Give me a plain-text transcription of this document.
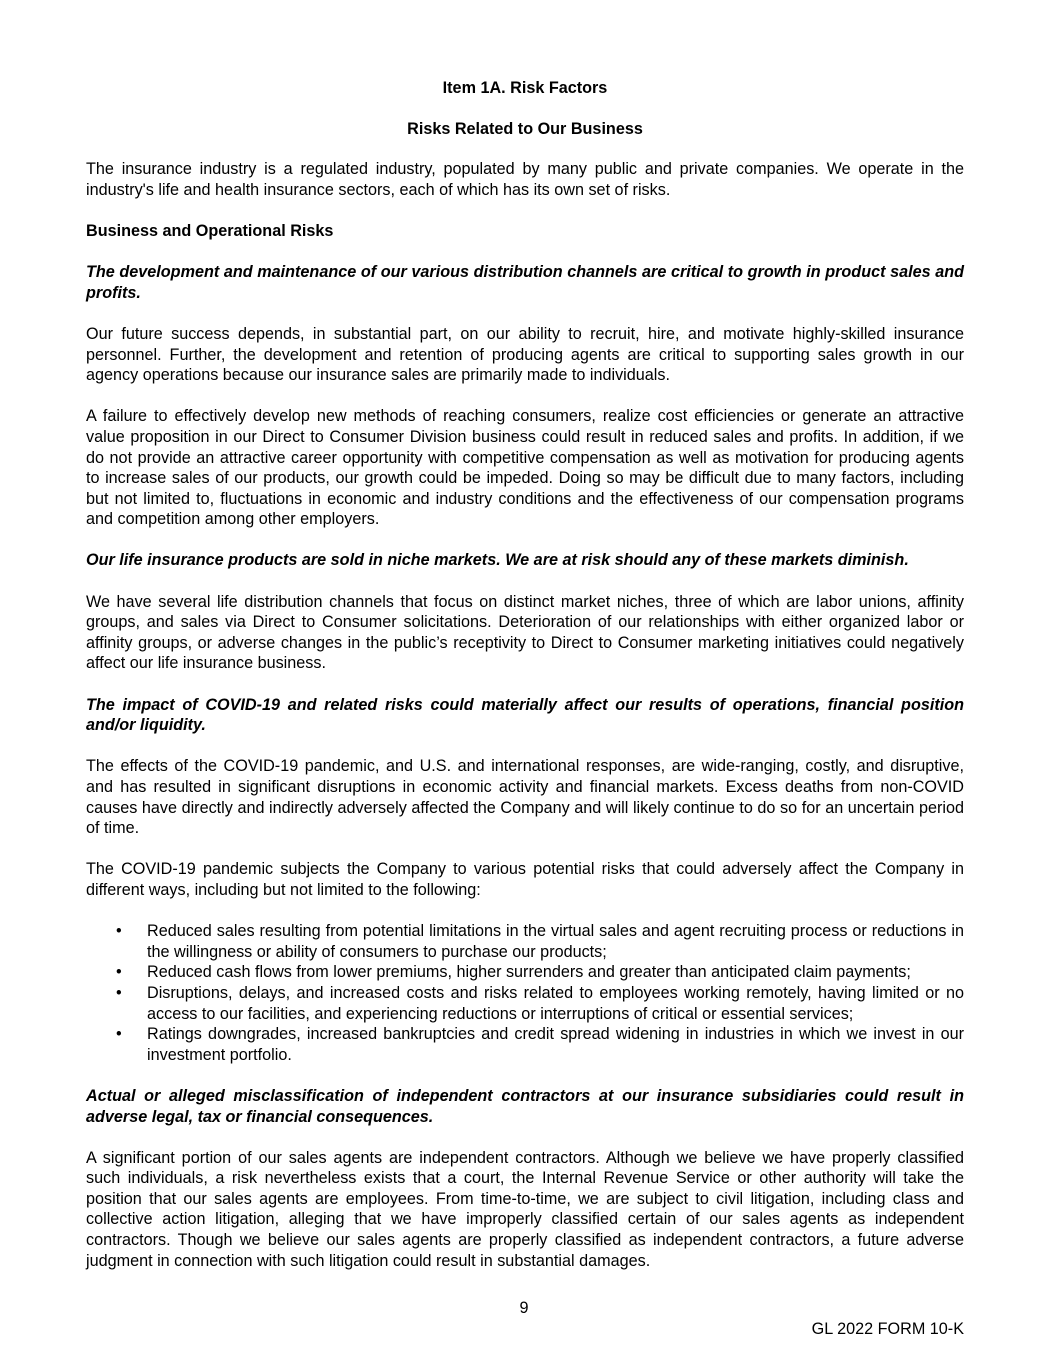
Item 1A. Risk Factors
Risks Related to Our Business

The insurance industry is a regulated industry, populated by many public and private companies. We operate in the industry's life and health insurance sectors, each of which has its own set of risks.

Business and Operational Risks
The development and maintenance of our various distribution channels are critical to growth in product sales and profits.

Our future success depends, in substantial part, on our ability to recruit, hire, and motivate highly-skilled insurance personnel. Further, the development and retention of producing agents are critical to supporting sales growth in our agency operations because our insurance sales are primarily made to individuals.

A failure to effectively develop new methods of reaching consumers, realize cost efficiencies or generate an attractive value proposition in our Direct to Consumer Division business could result in reduced sales and profits. In addition, if we do not provide an attractive career opportunity with competitive compensation as well as motivation for producing agents to increase sales of our products, our growth could be impeded. Doing so may be difficult due to many factors, including but not limited to, fluctuations in economic and industry conditions and the effectiveness of our compensation programs and competition among other employers.

Our life insurance products are sold in niche markets. We are at risk should any of these markets diminish.

We have several life distribution channels that focus on distinct market niches, three of which are labor unions, affinity groups, and sales via Direct to Consumer solicitations. Deterioration of our relationships with either organized labor or affinity groups, or adverse changes in the public’s receptivity to Direct to Consumer marketing initiatives could negatively affect our life insurance business.

The impact of COVID-19 and related risks could materially affect our results of operations, financial position and/or liquidity.

The effects of the COVID-19 pandemic, and U.S. and international responses, are wide-ranging, costly, and disruptive, and has resulted in significant disruptions in economic activity and financial markets. Excess deaths from non-COVID causes have directly and indirectly adversely affected the Company and will likely continue to do so for an uncertain period of time.

The COVID-19 pandemic subjects the Company to various potential risks that could adversely affect the Company in different ways, including but not limited to the following:

• Reduced sales resulting from potential limitations in the virtual sales and agent recruiting process or reductions in the willingness or ability of consumers to purchase our products;
• Reduced cash flows from lower premiums, higher surrenders and greater than anticipated claim payments;
• Disruptions, delays, and increased costs and risks related to employees working remotely, having limited or no access to our facilities, and experiencing reductions or interruptions of critical or essential services;
• Ratings downgrades, increased bankruptcies and credit spread widening in industries in which we invest in our investment portfolio.
Actual or alleged misclassification of independent contractors at our insurance subsidiaries could result in adverse legal, tax or financial consequences.

A significant portion of our sales agents are independent contractors. Although we believe we have properly classified such individuals, a risk nevertheless exists that a court, the Internal Revenue Service or other authority will take the position that our sales agents are employees. From time-to-time, we are subject to civil litigation, including class and collective action litigation, alleging that we have improperly classified certain of our sales agents as independent contractors. Though we believe our sales agents are properly classified as independent contractors, a future adverse judgment in connection with such litigation could result in substantial damages.

9
GL 2022 FORM 10-K
